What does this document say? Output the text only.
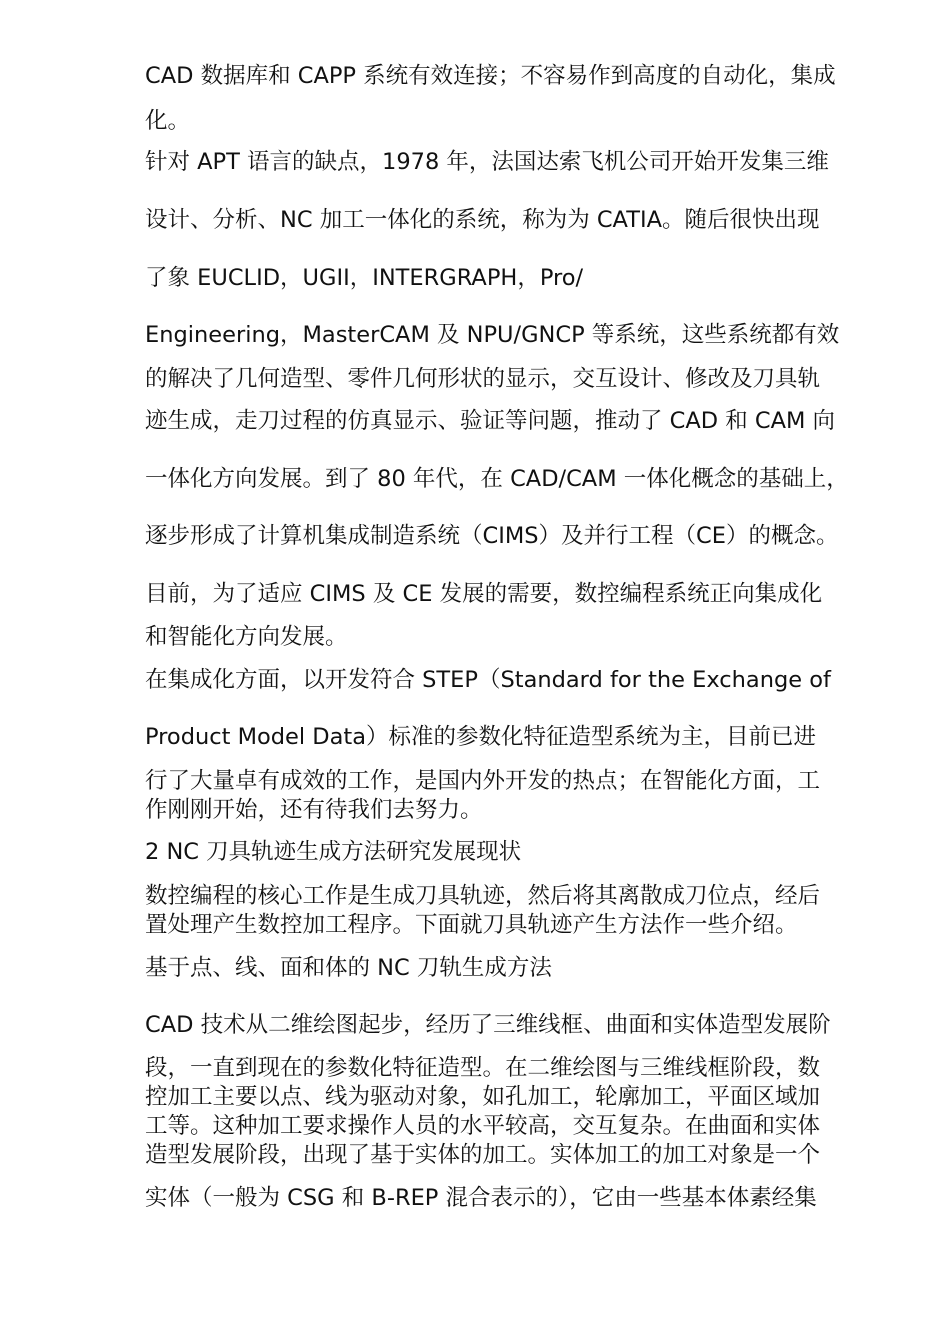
CAD 数据库和 CAPP 系统有效连接；不容易作到高度的自动化，集成
化。
针对 APT 语言的缺点，1978 年，法国达索飞机公司开始开发集三维
设计、分析、NC 加工一体化的系统，称为为 CATIA。随后很快出现
了象 EUCLID，UGII，INTERGRAPH，Pro/
Engineering，MasterCAM 及 NPU/GNCP 等系统，这些系统都有效
的解决了几何造型、零件几何形状的显示，交互设计、修改及刀具轨
迹生成，走刀过程的仿真显示、验证等问题，推动了 CAD 和 CAM 向
一体化方向发展。到了 80 年代，在 CAD/CAM 一体化概念的基础上，
逐步形成了计算机集成制造系统（CIMS）及并行工程（CE）的概念。
目前，为了适应 CIMS 及 CE 发展的需要，数控编程系统正向集成化
和智能化方向发展。
在集成化方面，以开发符合 STEP（Standard for the Exchange of
Product Model Data）标准的参数化特征造型系统为主，目前已进
行了大量卓有成效的工作，是国内外开发的热点；在智能化方面，工
作刚刚开始，还有待我们去努力。
2 NC 刀具轨迹生成方法研究发展现状
数控编程的核心工作是生成刀具轨迹，然后将其离散成刀位点，经后
置处理产生数控加工程序。下面就刀具轨迹产生方法作一些介绍。
基于点、线、面和体的 NC 刀轨生成方法
CAD 技术从二维绘图起步，经历了三维线框、曲面和实体造型发展阶
段，一直到现在的参数化特征造型。在二维绘图与三维线框阶段，数
控加工主要以点、线为驱动对象，如孔加工，轮廓加工，平面区域加
工等。这种加工要求操作人员的水平较高，交互复杂。在曲面和实体
造型发展阶段，出现了基于实体的加工。实体加工的加工对象是一个
实体（一般为 CSG 和 B-REP 混合表示的），它由一些基本体素经集
